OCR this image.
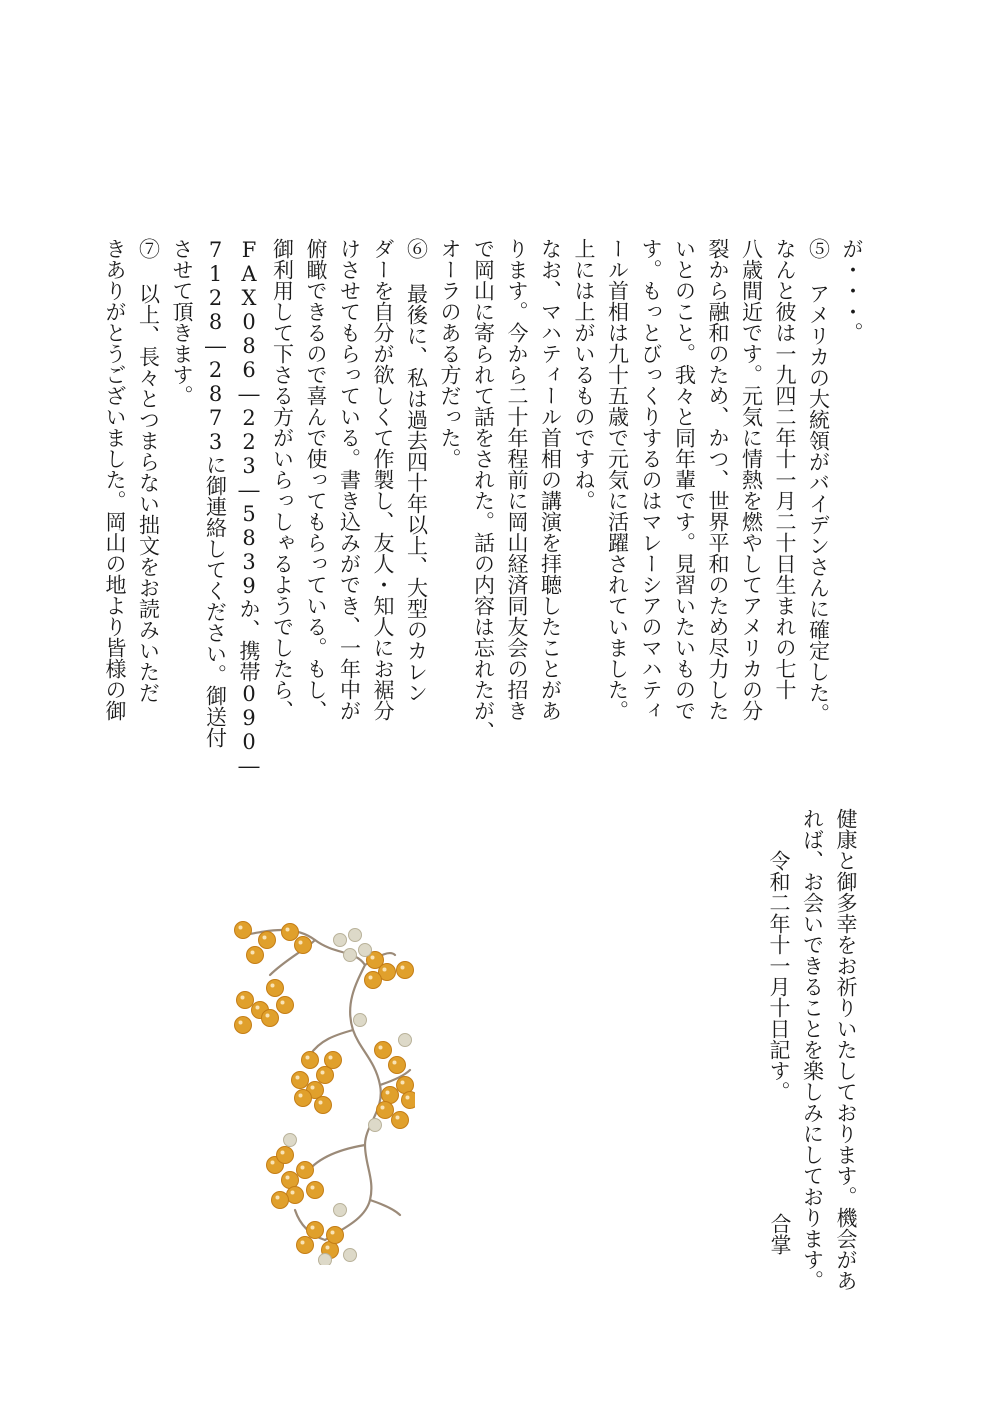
が・・・。
⑤ アメリカの大統領がバイデンさんに確定した。
なんと彼は一九四二年十一月二十日生まれの七十
八歳間近です。元気に情熱を燃やしてアメリカの分
裂から融和のため、かつ、世界平和のため尽力した
いとのこと。我々と同年輩です。見習いたいもので
す。もっとびっくりするのはマレーシアのマハティ
ール首相は九十五歳で元気に活躍されていました。
上には上がいるものですね。
なお、マハティール首相の講演を拝聴したことがあ
ります。今から二十年程前に岡山経済同友会の招き
で岡山に寄られて話をされた。話の内容は忘れたが、
オーラのある方だった。
⑥ 最後に、私は過去四十年以上、大型のカレン
ダーを自分が欲しくて作製し、友人・知人にお裾分
けさせてもらっている。書き込みができ、一年中が
俯瞰できるので喜んで使ってもらっている。もし、
御利用して下さる方がいらっしゃるようでしたら、
FAX086―223―5839か、携帯090―
7128―2873に御連絡してください。御送付
させて頂きます。
⑦ 以上、長々とつまらない拙文をお読みいただ
きありがとうございました。岡山の地より皆様の御
健康と御多幸をお祈りいたしております。機会があ
れば、お会いできることを楽しみにしております。
令和二年十一月十日記す。
合掌
